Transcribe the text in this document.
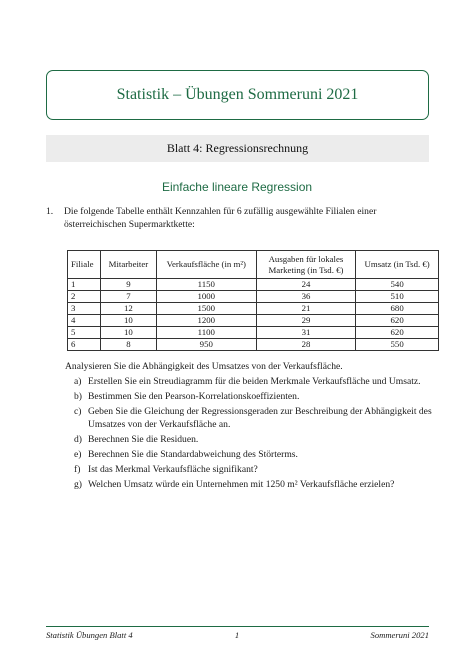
Statistik – Übungen Sommeruni 2021
Blatt 4: Regressionsrechnung
Einfache lineare Regression
1. Die folgende Tabelle enthält Kennzahlen für 6 zufällig ausgewählte Filialen einer österreichischen Supermarktkette:
Filiale	Mitarbeiter	Verkaufsfläche (in m²)	Ausgaben für lokales Marketing (in Tsd. €)	Umsatz (in Tsd. €)
1	9	1150	24	540
2	7	1000	36	510
3	12	1500	21	680
4	10	1200	29	620
5	10	1100	31	620
6	8	950	28	550
Analysieren Sie die Abhängigkeit des Umsatzes von der Verkaufsfläche.
a) Erstellen Sie ein Streudiagramm für die beiden Merkmale Verkaufsfläche und Umsatz.
b) Bestimmen Sie den Pearson-Korrelationskoeffizienten.
c) Geben Sie die Gleichung der Regressionsgeraden zur Beschreibung der Abhängigkeit des Umsatzes von der Verkaufsfläche an.
d) Berechnen Sie die Residuen.
e) Berechnen Sie die Standardabweichung des Störterms.
f) Ist das Merkmal Verkaufsfläche signifikant?
g) Welchen Umsatz würde ein Unternehmen mit 1250 m² Verkaufsfläche erzielen?
Statistik Übungen Blatt 4	1	Sommeruni 2021
